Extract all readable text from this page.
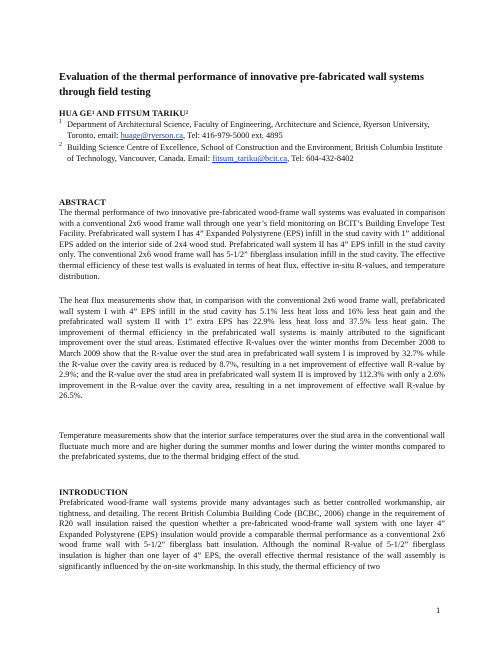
Evaluation of the thermal performance of innovative pre-fabricated wall systems through field testing
HUA GE¹ AND FITSUM TARIKU²
1 Department of Architectural Science, Faculty of Engineering, Architecture and Science, Ryerson University, Toronto, email: huage@ryerson.ca, Tel: 416-979-5000 ext. 4895
2 Building Science Centre of Excellence, School of Construction and the Environment, British Columbia Institute of Technology, Vancouver, Canada. Email: fitsum_tariku@bcit.ca, Tel: 604-432-8402
ABSTRACT
The thermal performance of two innovative pre-fabricated wood-frame wall systems was evaluated in comparison with a conventional 2x6 wood frame wall through one year’s field monitoring on BCIT’s Building Envelope Test Facility. Prefabricated wall system I has 4” Expanded Polystyrene (EPS) infill in the stud cavity with 1” additional EPS added on the interior side of 2x4 wood stud. Prefabricated wall system II has 4” EPS infill in the stud cavity only. The conventional 2x6 wood frame wall has 5-1/2” fiberglass insulation infill in the stud cavity. The effective thermal efficiency of these test walls is evaluated in terms of heat flux, effective in-situ R-values, and temperature distribution.
The heat flux measurements show that, in comparison with the conventional 2x6 wood frame wall, prefabricated wall system I with 4” EPS infill in the stud cavity has 5.1% less heat loss and 16% less heat gain and the prefabricated wall system II with 1” extra EPS has 22.9% less heat loss and 37.5% less heat gain. The improvement of thermal efficiency in the prefabricated wall systems is mainly attributed to the significant improvement over the stud areas. Estimated effective R-values over the winter months from December 2008 to March 2009 show that the R-value over the stud area in prefabricated wall system I is improved by 32.7% while the R-value over the cavity area is reduced by 8.7%, resulting in a net improvement of effective wall R-value by 2.9%; and the R-value over the stud area in prefabricated wall system II is improved by 112.3% with only a 2.6% improvement in the R-value over the cavity area, resulting in a net improvement of effective wall R-value by 26.5%.
Temperature measurements show that the interior surface temperatures over the stud area in the conventional wall fluctuate much more and are higher during the summer months and lower during the winter months compared to the prefabricated systems, due to the thermal bridging effect of the stud.
INTRODUCTION
Prefabricated wood-frame wall systems provide many advantages such as better controlled workmanship, air tightness, and detailing. The recent British Columbia Building Code (BCBC, 2006) change in the requirement of R20 wall insulation raised the question whether a pre-fabricated wood-frame wall system with one layer 4” Expanded Polystyrene (EPS) insulation would provide a comparable thermal performance as a conventional 2x6 wood frame wall with 5-1/2” fiberglass batt insulation. Although the nominal R-value of 5-1/2” fiberglass insulation is higher than one layer of 4” EPS, the overall effective thermal resistance of the wall assembly is significantly influenced by the on-site workmanship. In this study, the thermal efficiency of two
1
